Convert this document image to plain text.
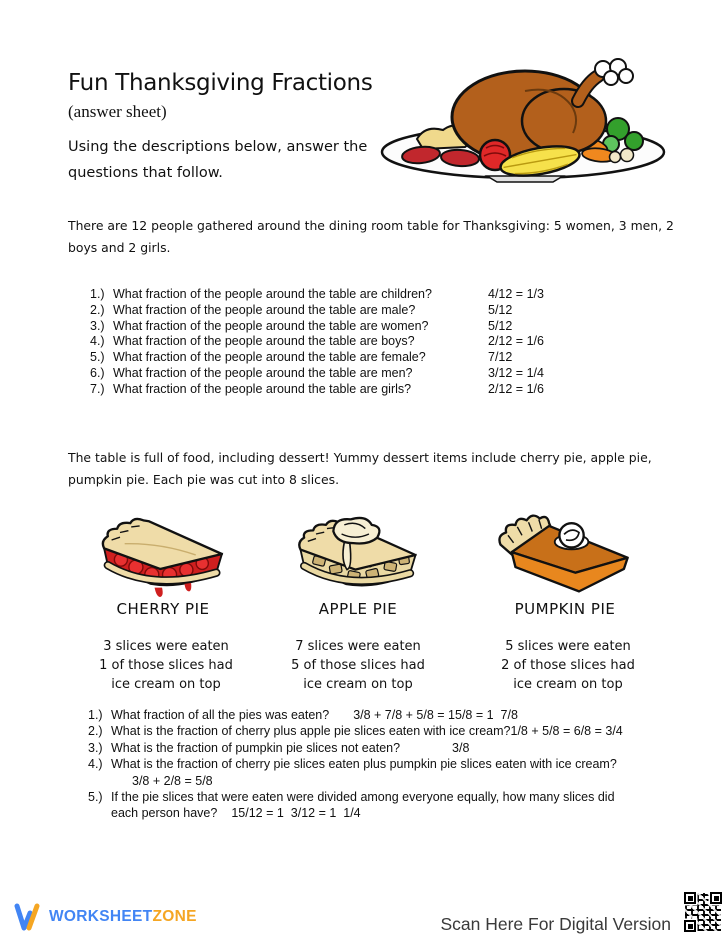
Fun Thanksgiving Fractions
(answer sheet)
Using the descriptions below, answer the
questions that follow.
There are 12 people gathered around the dining room table for Thanksgiving: 5 women, 3 men, 2
boys and 2 girls.
1.) What fraction of the people around the table are children?	4/12 = 1/3
2.) What fraction of the people around the table are male?	5/12
3.) What fraction of the people around the table are women?	5/12
4.) What fraction of the people around the table are boys?	2/12 = 1/6
5.) What fraction of the people around the table are female?	7/12
6.) What fraction of the people around the table are men?	3/12 = 1/4
7.) What fraction of the people around the table are girls?	2/12 = 1/6
The table is full of food, including dessert! Yummy dessert items include cherry pie, apple pie,
pumpkin pie. Each pie was cut into 8 slices.
CHERRY PIE	APPLE PIE	PUMPKIN PIE
3 slices were eaten
1 of those slices had
ice cream on top
7 slices were eaten
5 of those slices had
ice cream on top
5 slices were eaten
2 of those slices had
ice cream on top
1.) What fraction of all the pies was eaten? 3/8 + 7/8 + 5/8 = 15/8 = 1  7/8
2.) What is the fraction of cherry plus apple pie slices eaten with ice cream?1/8 + 5/8 = 6/8 = 3/4
3.) What is the fraction of pumpkin pie slices not eaten?	3/8
4.) What is the fraction of cherry pie slices eaten plus pumpkin pie slices eaten with ice cream?
3/8 + 2/8 = 5/8
5.) If the pie slices that were eaten were divided among everyone equally, how many slices did
each person have? 15/12 = 1  3/12 = 1  1/4
WORKSHEETZONE	Scan Here For Digital Version
